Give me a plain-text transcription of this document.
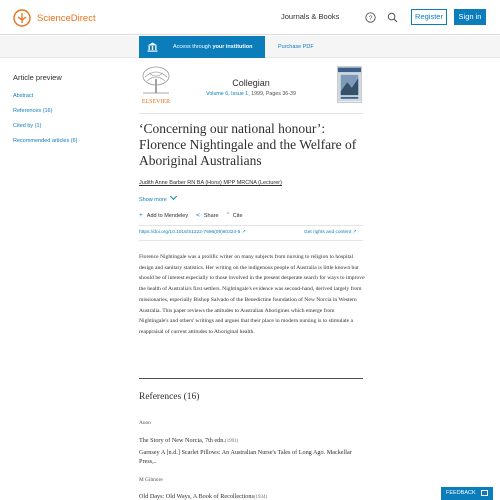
ScienceDirect	Journals & Books	?	Register	Sign in
Access through your institution	Purchase PDF
Article preview
Abstract
References (16)
Cited by (1)
Recommended articles (6)
ELSEVIER
Collegian
Volume 6, Issue 1, 1999, Pages 36-39
‘Concerning our national honour’: Florence Nightingale and the Welfare of Aboriginal Australians
Judith Anne Barber RN BA (Hons) MPP MRCNA (Lecturer)
Show more
+ Add to Mendeley < Share ” Cite
https://doi.org/10.1016/S1322-7696(08)60324-5 ↗	Get rights and content ↗

Florence Nightingale was a prolific writer on many subjects from nursing to religion to hospital design and sanitary statistics. Her writing on the indigenous people of Australia is little known but should be of interest especially to those involved in the present desperate search for ways to improve the health of Australia's first settlers. Nightingale's evidence was second-hand, derived largely from missionaries, especially Bishop Salvado of the Benedictine foundation of New Norcia in Western Australia. This paper reviews the attitudes to Australian Aborigines which emerge from Nightingale's and others' writings and argues that their place in modern nursing is to stimulate a reappraisal of current attitudes to Aboriginal health.

References (16)
Anon
The Story of New Norcia, 7th edn.(1991)
Garnsey A [n.d.] Scarlet Pillows: An Australian Nurse's Tales of Long Ago. Mackellar Press,..
M Gilmore
Old Days: Old Ways, A Book of Recollections(1934)
FEEDBACK
